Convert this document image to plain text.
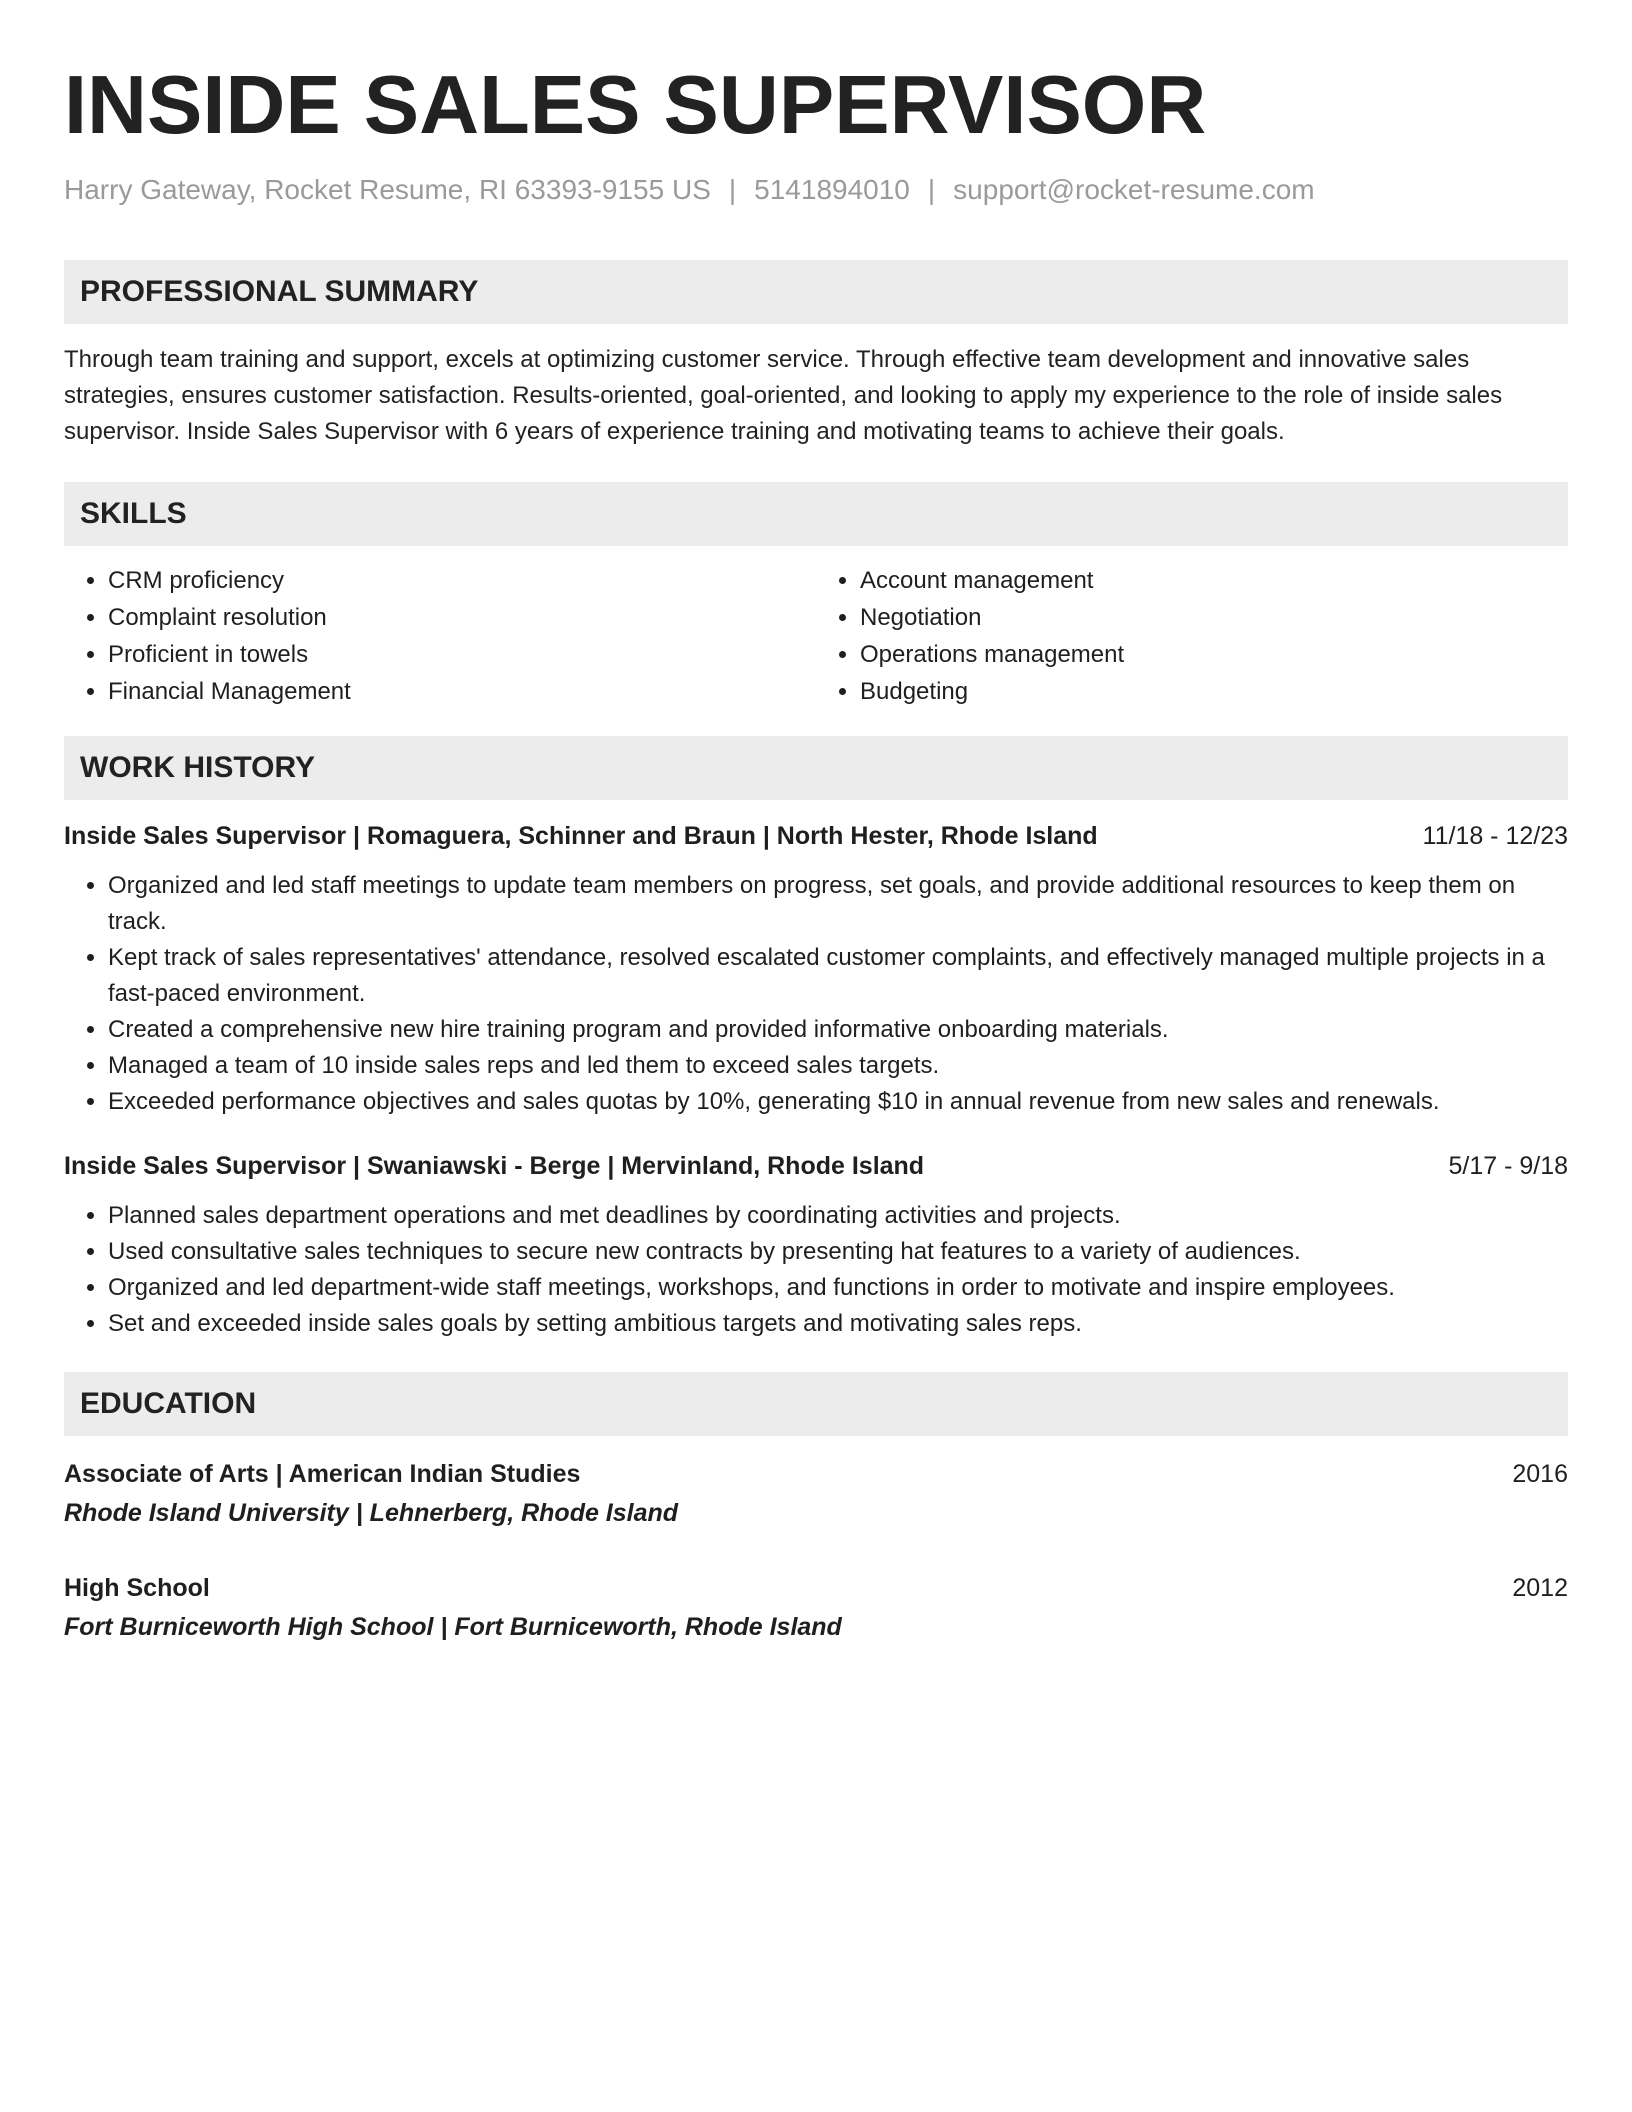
INSIDE SALES SUPERVISOR
Harry Gateway, Rocket Resume, RI 63393-9155 US | 5141894010 | support@rocket-resume.com
PROFESSIONAL SUMMARY
Through team training and support, excels at optimizing customer service. Through effective team development and innovative sales strategies, ensures customer satisfaction. Results-oriented, goal-oriented, and looking to apply my experience to the role of inside sales supervisor. Inside Sales Supervisor with 6 years of experience training and motivating teams to achieve their goals.
SKILLS
• CRM proficiency
• Complaint resolution
• Proficient in towels
• Financial Management
• Account management
• Negotiation
• Operations management
• Budgeting
WORK HISTORY
Inside Sales Supervisor | Romaguera, Schinner and Braun | North Hester, Rhode Island	11/18 - 12/23
• Organized and led staff meetings to update team members on progress, set goals, and provide additional resources to keep them on track.
• Kept track of sales representatives' attendance, resolved escalated customer complaints, and effectively managed multiple projects in a fast-paced environment.
• Created a comprehensive new hire training program and provided informative onboarding materials.
• Managed a team of 10 inside sales reps and led them to exceed sales targets.
• Exceeded performance objectives and sales quotas by 10%, generating $10 in annual revenue from new sales and renewals.
Inside Sales Supervisor | Swaniawski - Berge | Mervinland, Rhode Island	5/17 - 9/18
• Planned sales department operations and met deadlines by coordinating activities and projects.
• Used consultative sales techniques to secure new contracts by presenting hat features to a variety of audiences.
• Organized and led department-wide staff meetings, workshops, and functions in order to motivate and inspire employees.
• Set and exceeded inside sales goals by setting ambitious targets and motivating sales reps.
EDUCATION
Associate of Arts | American Indian Studies	2016
Rhode Island University | Lehnerberg, Rhode Island
High School	2012
Fort Burniceworth High School | Fort Burniceworth, Rhode Island
